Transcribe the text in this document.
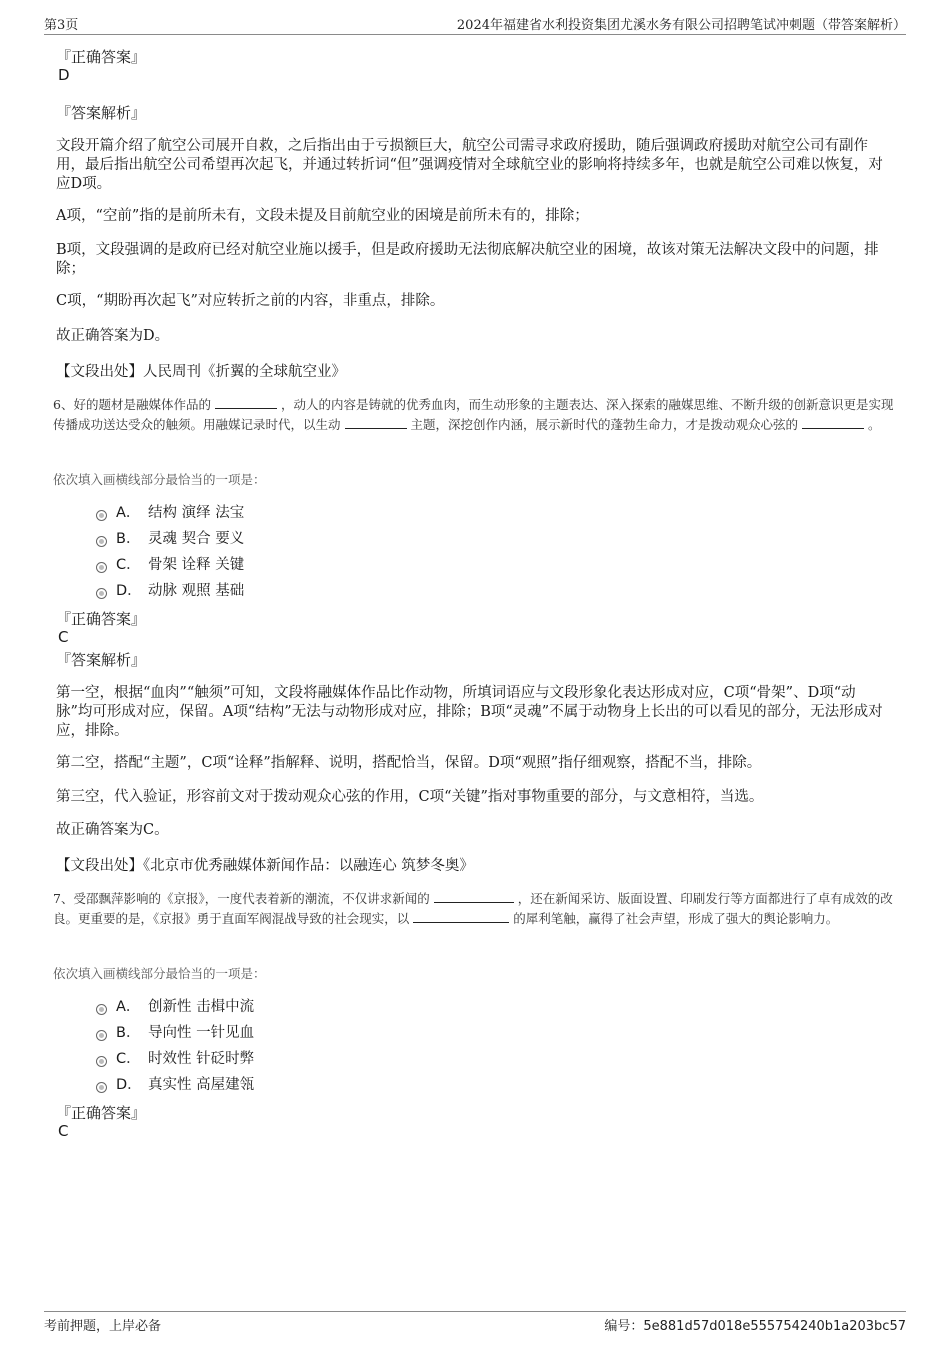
第3页	2024年福建省水利投资集团尤溪水务有限公司招聘笔试冲刺题（带答案解析）
『正确答案』
D
『答案解析』

文段开篇介绍了航空公司展开自救，之后指出由于亏损额巨大，航空公司需寻求政府援助，随后强调政府援助对航空公司有副作用，最后指出航空公司希望再次起飞，并通过转折词“但”强调疫情对全球航空业的影响将持续多年，也就是航空公司难以恢复，对应D项。

A项，“空前”指的是前所未有，文段未提及目前航空业的困境是前所未有的，排除；

B项，文段强调的是政府已经对航空业施以援手，但是政府援助无法彻底解决航空业的困境，故该对策无法解决文段中的问题，排除；

C项，“期盼再次起飞”对应转折之前的内容，非重点，排除。

故正确答案为D。

【文段出处】人民周刊《折翼的全球航空业》

6、好的题材是融媒体作品的	，动人的内容是铸就的优秀血肉，而生动形象的主题表达、深入探索的融媒思维、不断升级的创新意识更是实现传播成功送达受众的触须。用融媒记录时代，以生动	主题，深挖创作内涵，展示新时代的蓬勃生命力，才是拨动观众心弦的	。

依次填入画横线部分最恰当的一项是：

A． 结构 演绎 法宝
B． 灵魂 契合 要义
C． 骨架 诠释 关键
D． 动脉 观照 基础
『正确答案』
C
『答案解析』

第一空，根据“血肉”“触须”可知，文段将融媒体作品比作动物，所填词语应与文段形象化表达形成对应，C项“骨架”、D项“动脉”均可形成对应，保留。A项“结构”无法与动物形成对应，排除；B项“灵魂”不属于动物身上长出的可以看见的部分，无法形成对应，排除。

第二空，搭配“主题”，C项“诠释”指解释、说明，搭配恰当，保留。D项“观照”指仔细观察，搭配不当，排除。

第三空，代入验证，形容前文对于拨动观众心弦的作用，C项“关键”指对事物重要的部分，与文意相符，当选。

故正确答案为C。

【文段出处】《北京市优秀融媒体新闻作品：以融连心 筑梦冬奥》

7、受邵飘萍影响的《京报》，一度代表着新的潮流，不仅讲求新闻的	，还在新闻采访、版面设置、印刷发行等方面都进行了卓有成效的改良。更重要的是，《京报》勇于直面军阀混战导致的社会现实，以	的犀利笔触，赢得了社会声望，形成了强大的舆论影响力。

依次填入画横线部分最恰当的一项是：

A． 创新性 击楫中流
B． 导向性 一针见血
C． 时效性 针砭时弊
D． 真实性 高屋建瓴
『正确答案』
C
考前押题，上岸必备	编号：5e881d57d018e555754240b1a203bc57
